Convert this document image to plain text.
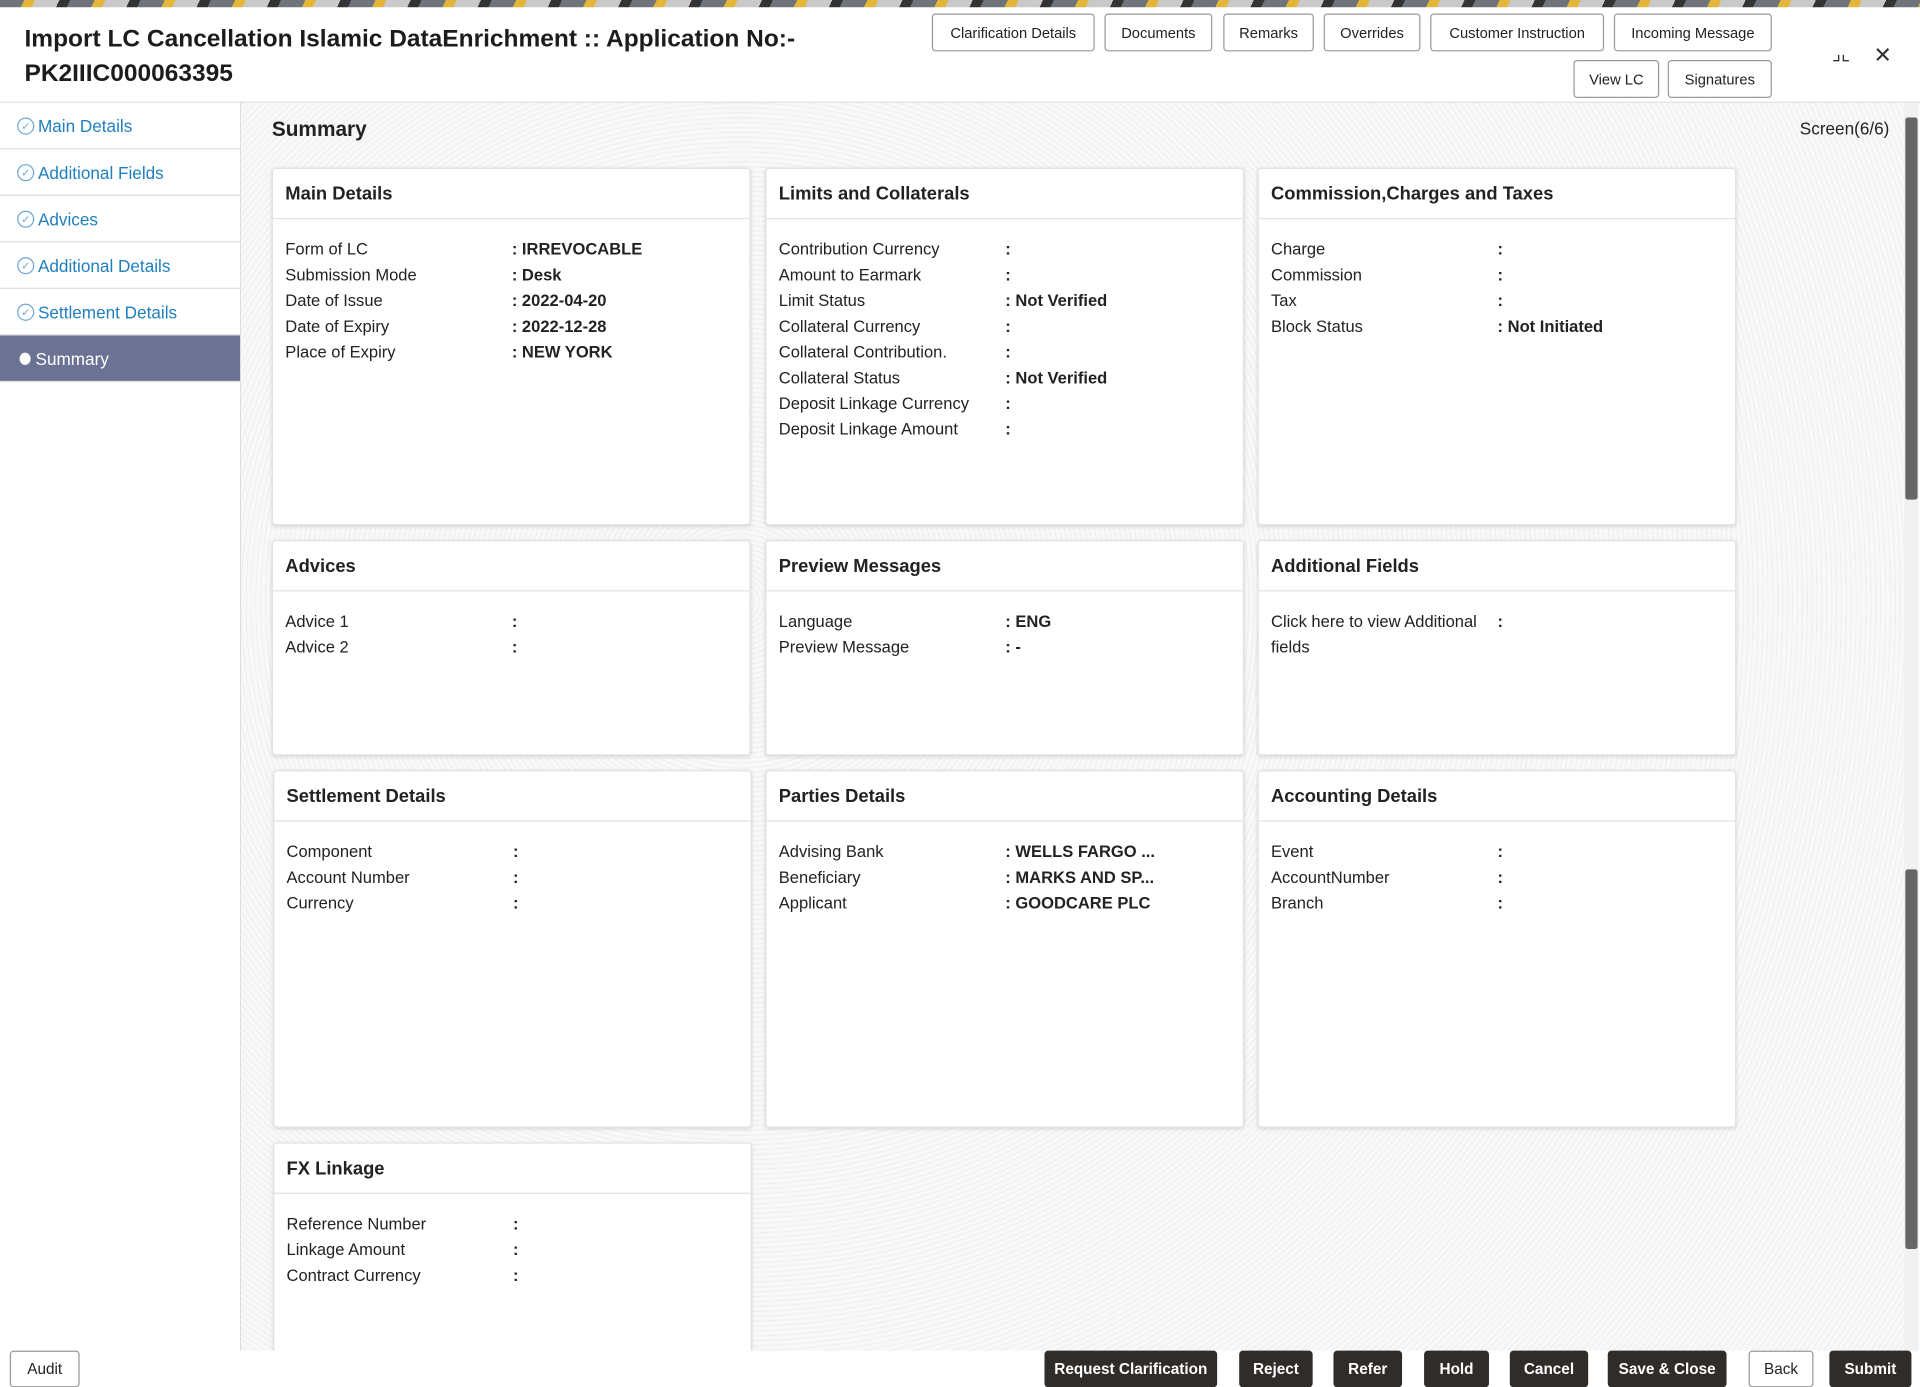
Import LC Cancellation Islamic DataEnrichment :: Application No:- PK2IIIC000063395
Clarification Details	Documents	Remarks	Overrides	Customer Instruction	Incoming Message
View LC	Signatures
⌟⌞ ✕
✓ Main Details
✓ Additional Fields
✓ Advices
✓ Additional Details
✓ Settlement Details
Summary
Summary	Screen(6/6)
Main Details
Form of LC	: IRREVOCABLE
Submission Mode	: Desk
Date of Issue	: 2022-04-20
Date of Expiry	: 2022-12-28
Place of Expiry	: NEW YORK
Limits and Collaterals
Contribution Currency	:
Amount to Earmark	:
Limit Status	: Not Verified
Collateral Currency	:
Collateral Contribution.	:
Collateral Status	: Not Verified
Deposit Linkage Currency	:
Deposit Linkage Amount	:
Commission,Charges and Taxes
Charge	:
Commission	:
Tax	:
Block Status	: Not Initiated
Advices
Advice 1	:
Advice 2	:
Preview Messages
Language	: ENG
Preview Message	: -
Additional Fields
Click here to view Additional fields
:
Settlement Details
Component	:
Account Number	:
Currency	:
Parties Details
Advising Bank	: WELLS FARGO ...
Beneficiary	: MARKS AND SP...
Applicant	: GOODCARE PLC
Accounting Details
Event	:
AccountNumber	:
Branch	:
FX Linkage
Reference Number	:
Linkage Amount	:
Contract Currency	:
Audit	Request Clarification	Reject	Refer	Hold	Cancel	Save & Close	Back	Submit
